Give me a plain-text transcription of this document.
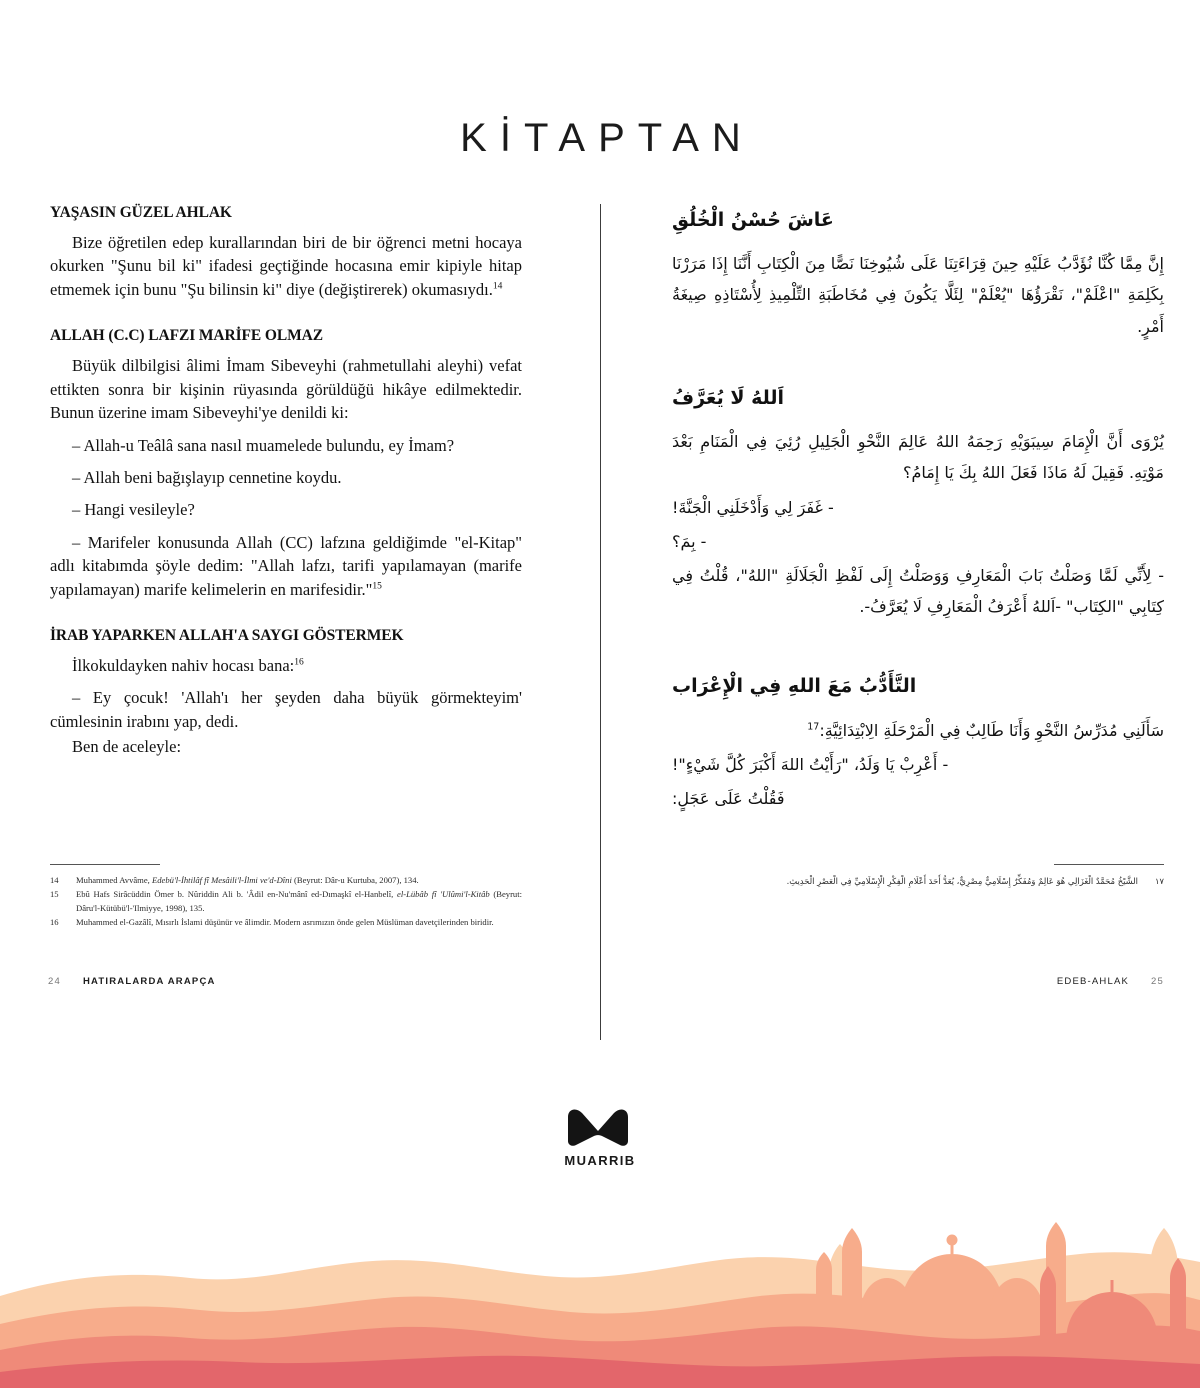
KİTAPTAN
YAŞASIN GÜZEL AHLAK

Bize öğretilen edep kurallarından biri de bir öğrenci metni hocaya okurken "Şunu bil ki" ifadesi geçtiğinde hocasına emir kipiyle hitap etmemek için bunu "Şu bilinsin ki" diye (değiştirerek) okumasıydı.$^{14}$

ALLAH (C.C) LAFZI MARİFE OLMAZ

Büyük dilbilgisi âlimi İmam Sibeveyhi (rahmetullahi aleyhi) vefat ettikten sonra bir kişinin rüyasında görüldüğü hikâye edilmektedir. Bunun üzerine imam Sibeveyhi'ye denildi ki:

– Allah-u Teâlâ sana nasıl muamelede bulundu, ey İmam?

– Allah beni bağışlayıp cennetine koydu.

– Hangi vesileyle?

– Marifeler konusunda Allah (CC) lafzına geldiğimde "el-Kitap" adlı kitabımda şöyle dedim: "Allah lafzı, tarifi yapılamayan (marife yapılamayan) marife kelimelerin en marifesidir."$^{15}$

İRAB YAPARKEN ALLAH'A SAYGI GÖSTERMEK

İlkokuldayken nahiv hocası bana:$^{16}$

– Ey çocuk! 'Allah'ı her şeyden daha büyük görmekteyim' cümlesinin irabını yap, dedi.

Ben de aceleyle:

عَاشَ حُسْنُ الْخُلُقِ

إِنَّ مِمَّا كُنَّا نُؤَدَّبُ عَلَيْهِ حِينَ قِرَاءَتِنَا عَلَى شُيُوخِنَا نَصًّا مِنَ الْكِتَابِ أَنَّنَا إِذَا مَرَرْنَا بِكَلِمَةِ "اعْلَمْ"، نَقْرَؤُهَا "يُعْلَمْ" لِئَلَّا يَكُونَ فِي مُخَاطَبَةِ التِّلْمِيذِ لِأُسْتَاذِهِ صِيغَةُ أَمْرٍ.

اَللهُ لَا يُعَرَّفُ

يُرْوَى أَنَّ الْإِمَامَ سِيبَوَيْهِ رَحِمَهُ اللهُ عَالِمَ النَّحْوِ الْجَلِيلِ رُئِيَ فِي الْمَنَامِ بَعْدَ مَوْتِهِ. فَقِيلَ لَهُ مَاذَا فَعَلَ اللهُ بِكَ يَا إِمَامُ؟

- غَفَرَ لِي وَأَدْخَلَنِي الْجَنَّةَ!

- بِمَ؟

- لِأَنِّي لَمَّا وَصَلْتُ بَابَ الْمَعَارِفِ وَوَصَلْتُ إِلَى لَفْظِ الْجَلَالَةِ "اللهُ"، قُلْتُ فِي كِتَابِي "الكِتَاب" -اَللهُ أَعْرَفُ الْمَعَارِفِ لَا يُعَرَّفُ-.

التَّأَدُّبُ مَعَ اللهِ فِي الْإِعْرَاب

سَأَلَنِي مُدَرِّسُ النَّحْوِ وَأَنَا طَالِبٌ فِي الْمَرْحَلَةِ الِابْتِدَائِيَّةِ:$^{17}$

- أَعْرِبْ يَا وَلَدُ، "رَأَيْتُ اللهَ أَكْبَرَ كُلَّ شَيْءٍ"!

فَقُلْتُ عَلَى عَجَلٍ:

14	Muhammed Avvâme, Edebü'l-İhtilâf fî Mesâili'l-İlmi ve'd-Dîni (Beyrut: Dâr-u Kurtuba, 2007), 134.
15	Ebû Hafs Sirâcüddin Ömer b. Nûriddin Ali b. 'Âdil en-Nu'mânî ed-Dımaşkî el-Hanbelî, el-Lübâb fî 'Ulûmi'l-Kitâb (Beyrut: Dâru'l-Kütübü'l-'Ilmiyye, 1998), 135.
16	Muhammed el-Gazâlî, Mısırlı İslami düşünür ve âlimdir. Modern asrımızın önde gelen Müslüman davetçilerinden biridir.
١٧
الشَّيْخُ مُحَمَّدٌ الْغَزَالِي هُوَ عَالِمٌ وَمُفَكِّرٌ إِسْلَامِيٌّ مِصْرِيٌّ، يُعَدُّ أَحَدَ أَعْلَامِ الْفِكْرِ الْإِسْلَامِيِّ فِي الْعَصْرِ الْحَدِيثِ.
24 HATIRALARDA ARAPÇA	EDEB-AHLAK 25
MUARRIB
